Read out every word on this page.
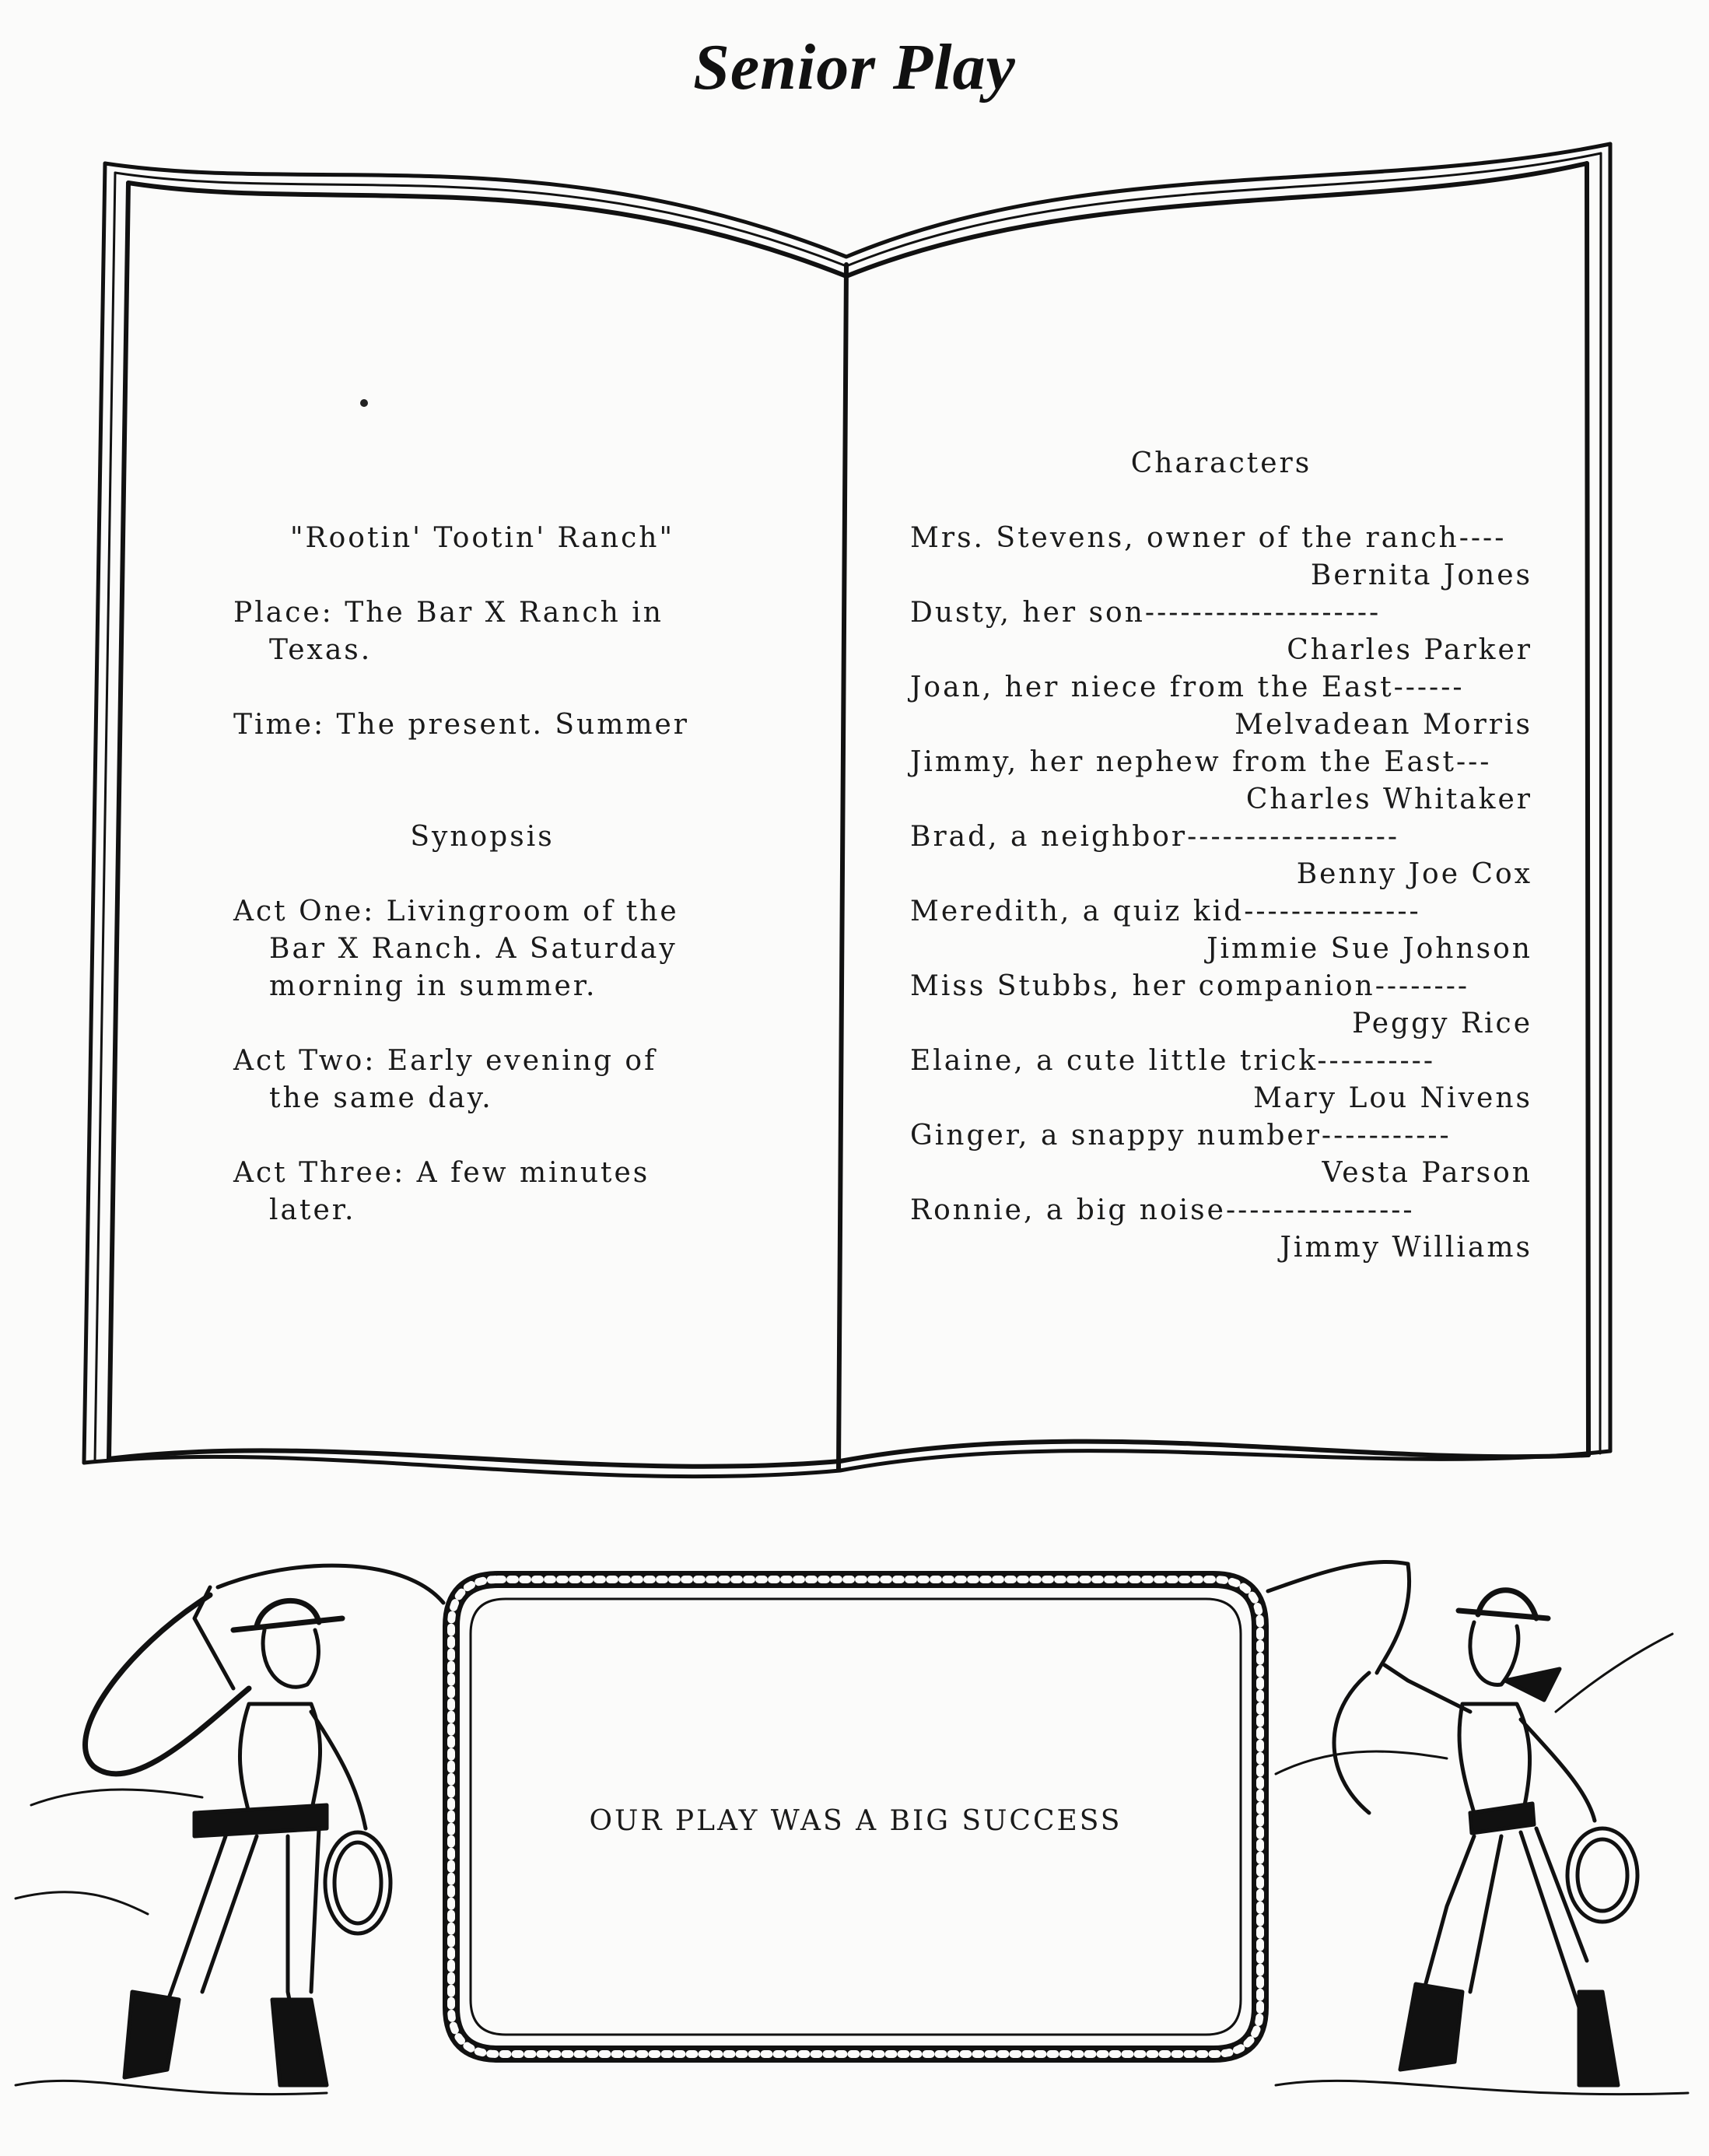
Senior Play
"Rootin' Tootin' Ranch"
Place: The Bar X Ranch in
Texas.
Time: The present. Summer
Synopsis
Act One: Livingroom of the
Bar X Ranch. A Saturday
morning in summer.
Act Two: Early evening of
the same day.
Act Three: A few minutes
later.
Characters
Mrs. Stevens, owner of the ranch----
Bernita Jones
Dusty, her son--------------------
Charles Parker
Joan, her niece from the East------
Melvadean Morris
Jimmy, her nephew from the East---
Charles Whitaker
Brad, a neighbor------------------
Benny Joe Cox
Meredith, a quiz kid---------------
Jimmie Sue Johnson
Miss Stubbs, her companion--------
Peggy Rice
Elaine, a cute little trick----------
Mary Lou Nivens
Ginger, a snappy number-----------
Vesta Parson
Ronnie, a big noise----------------
Jimmy Williams
OUR PLAY WAS A BIG SUCCESS
